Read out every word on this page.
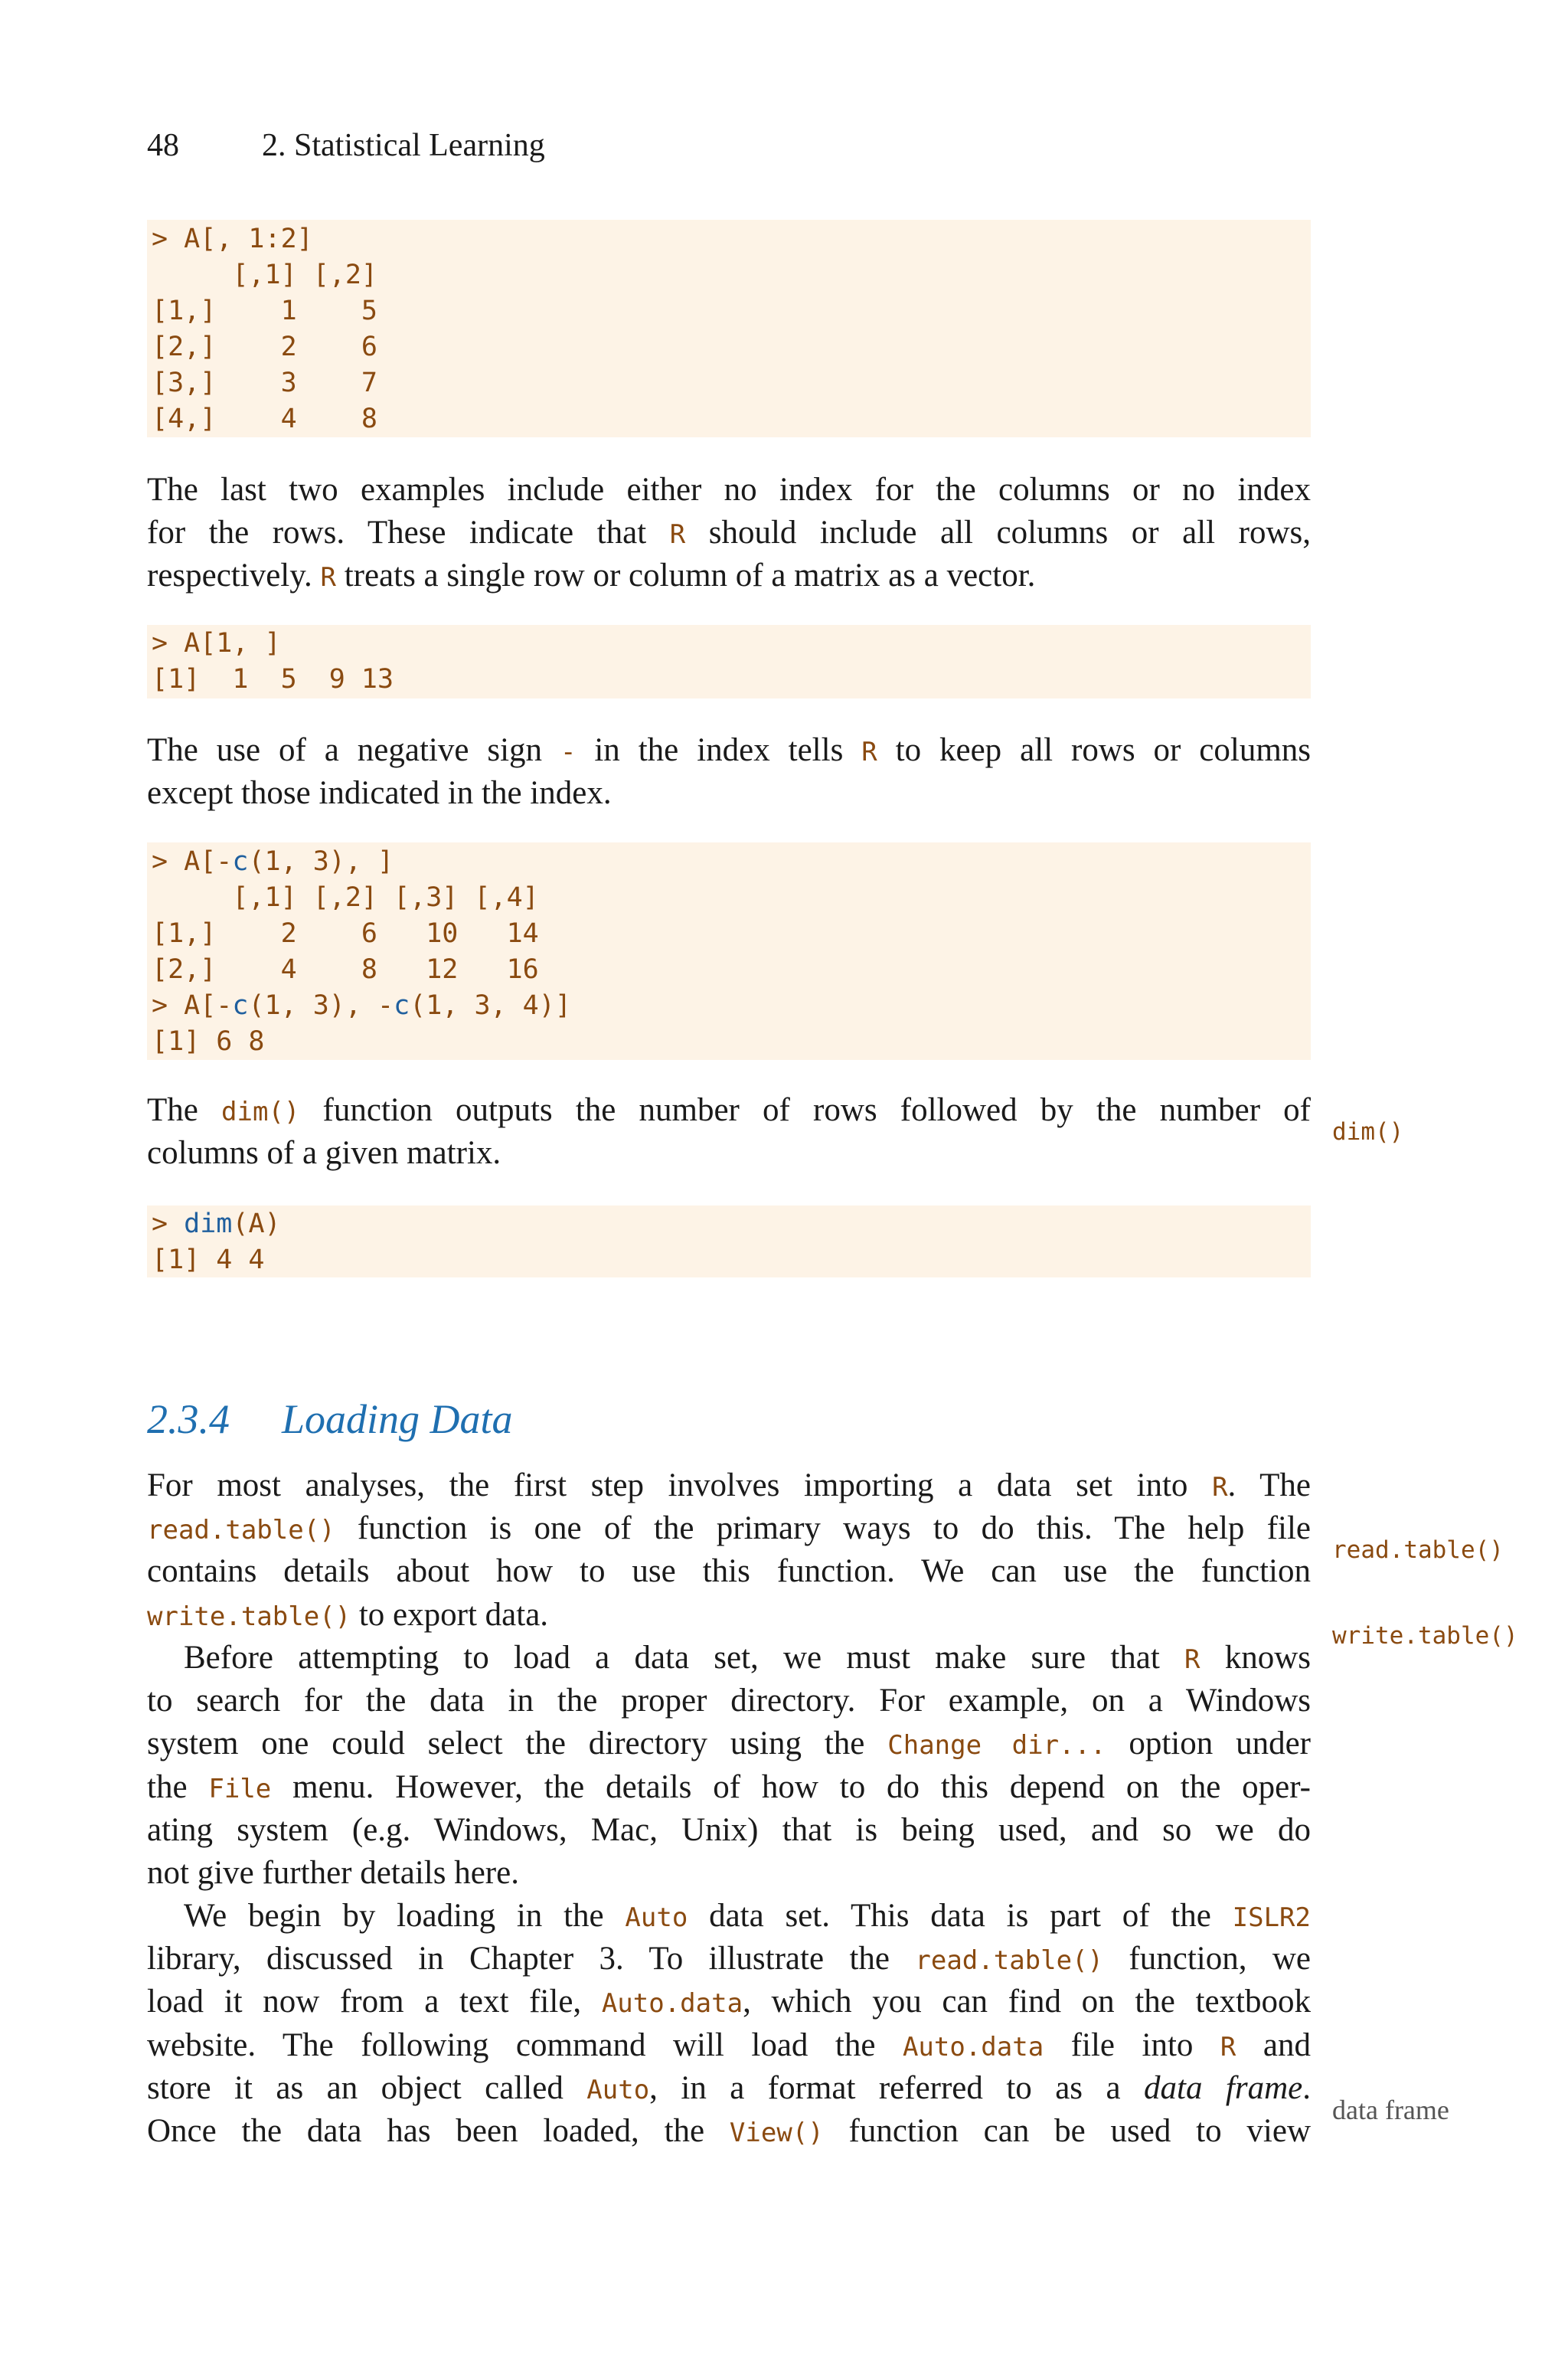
48	2. Statistical Learning
> A[, 1:2]
[,1] [,2]
[1,]    1    5
[2,]    2    6
[3,]    3    7
[4,]    4    8
The last two examples include either no index for the columns or no index
for the rows. These indicate that R should include all columns or all rows,
respectively. R treats a single row or column of a matrix as a vector.
> A[1, ]
[1]  1  5  9 13
The use of a negative sign - in the index tells R to keep all rows or columns
except those indicated in the index.
> A[-c(1, 3), ]
[,1] [,2] [,3] [,4]
[1,]    2    6   10   14
[2,]    4    8   12   16
> A[-c(1, 3), -c(1, 3, 4)]
[1] 6 8
The dim() function outputs the number of rows followed by the number of
columns of a given matrix.
dim()
> dim(A)
[1] 4 4
2.3.4 Loading Data
For most analyses, the first step involves importing a data set into R. The
read.table() function is one of the primary ways to do this. The help file
contains details about how to use this function. We can use the function
write.table() to export data.
Before attempting to load a data set, we must make sure that R knows
to search for the data in the proper directory. For example, on a Windows
system one could select the directory using the Change dir... option under
the File menu. However, the details of how to do this depend on the oper-
ating system (e.g. Windows, Mac, Unix) that is being used, and so we do
not give further details here.
We begin by loading in the Auto data set. This data is part of the ISLR2
library, discussed in Chapter 3. To illustrate the read.table() function, we
load it now from a text file, Auto.data, which you can find on the textbook
website. The following command will load the Auto.data file into R and
store it as an object called Auto, in a format referred to as a data frame.
Once the data has been loaded, the View() function can be used to view
read.table()
write.table()
data frame
